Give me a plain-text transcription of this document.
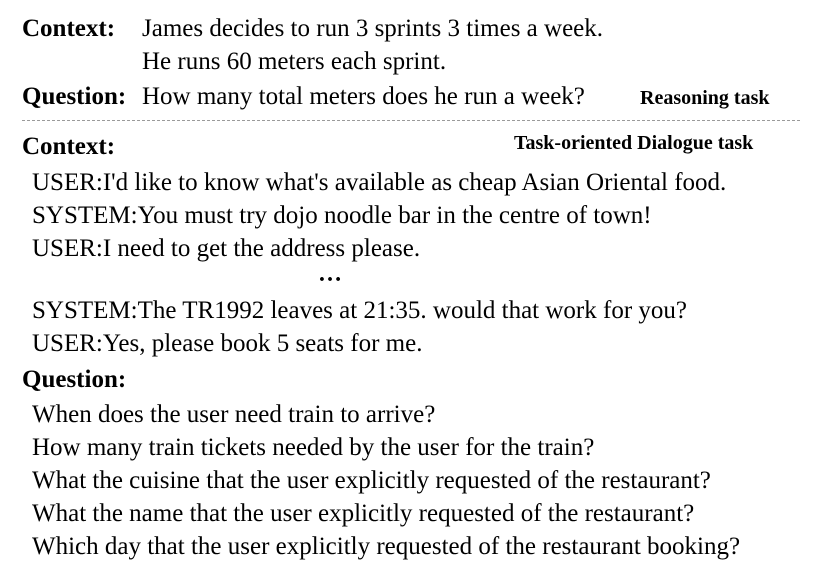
Context: James decides to run 3 sprints 3 times a week.
He runs 60 meters each sprint.
Question: How many total meters does he run a week?	Reasoning task
Context:	Task-oriented Dialogue task
USER:I'd like to know what's available as cheap Asian Oriental food.
SYSTEM:You must try dojo noodle bar in the centre of town!
USER:I need to get the address please.
…
SYSTEM:The TR1992 leaves at 21:35. would that work for you?
USER:Yes, please book 5 seats for me.
Question:
When does the user need train to arrive?
How many train tickets needed by the user for the train?
What the cuisine that the user explicitly requested of the restaurant?
What the name that the user explicitly requested of the restaurant?
Which day that the user explicitly requested of the restaurant booking?
